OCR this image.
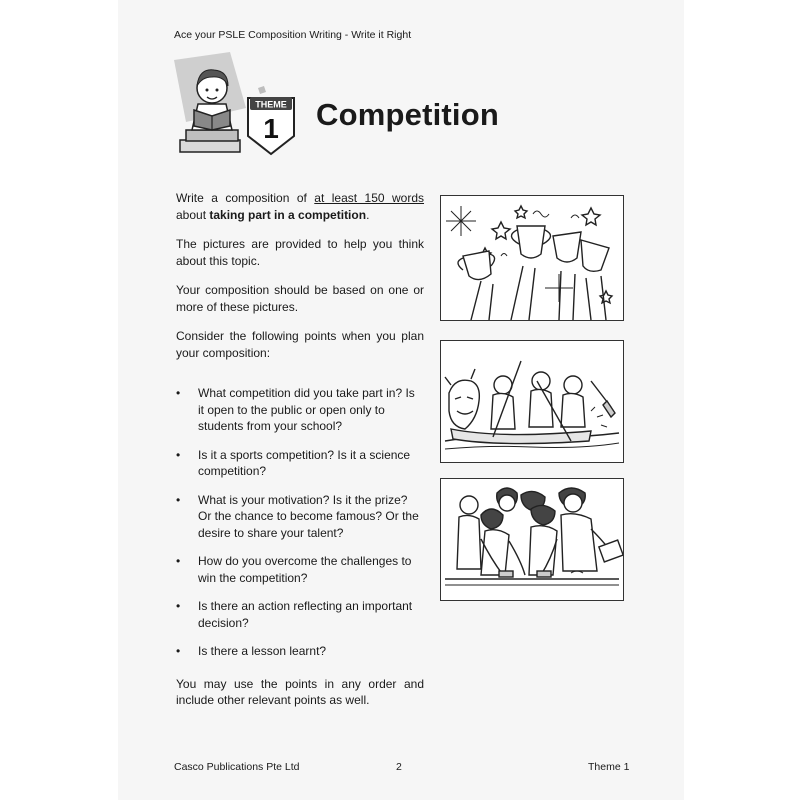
Ace your PSLE Composition Writing - Write it Right
THEME
1 Competition

Write a composition of at least 150 words about taking part in a competition.

The pictures are provided to help you think about this topic.

Your composition should be based on one or more of these pictures.

Consider the following points when you plan your composition:

• What competition did you take part in? Is it open to the public or open only to students from your school?
• Is it a sports competition? Is it a science competition?
• What is your motivation? Is it the prize? Or the chance to become famous? Or the desire to share your talent?
• How do you overcome the challenges to win the competition?
• Is there an action reflecting an important decision?
• Is there a lesson learnt?

You may use the points in any order and include other relevant points as well.

Casco Publications Pte Ltd	2	Theme 1
